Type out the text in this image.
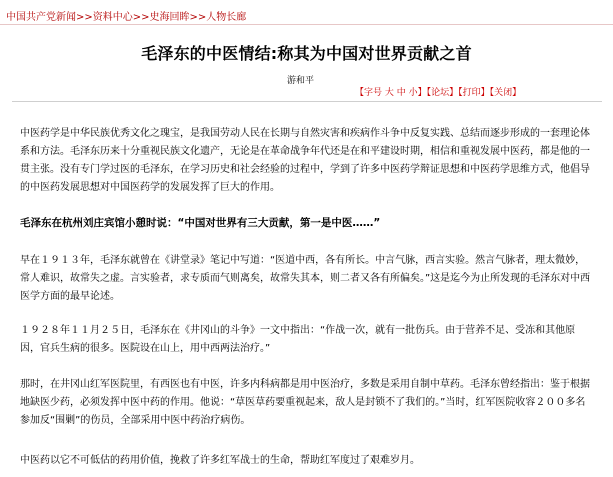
中国共产党新闻>>资料中心>>史海回眸>>人物长廊
毛泽东的中医情结:称其为中国对世界贡献之首
游和平
【字号 大 中 小】【论坛】【打印】【关闭】

中医药学是中华民族优秀文化之瑰宝，是我国劳动人民在长期与自然灾害和疾病作斗争中反复实践、总结而逐步形成的一套理论体系和方法。毛泽东历来十分重视民族文化遗产，无论是在革命战争年代还是在和平建设时期，相信和重视发展中医药，都是他的一贯主张。没有专门学过医的毛泽东，在学习历史和社会经验的过程中，学到了许多中医药学辩证思想和中医药学思维方式，他倡导的中医药发展思想对中国医药学的发展发挥了巨大的作用。

毛泽东在杭州刘庄宾馆小憩时说：“中国对世界有三大贡献，第一是中医……”

早在１９１３年，毛泽东就曾在《讲堂录》笔记中写道：“医道中西，各有所长。中言气脉，西言实验。然言气脉者，理太微妙，常人难识，故常失之虚。言实验者，求专质而气则离矣，故常失其本，则二者又各有所偏矣。”这是迄今为止所发现的毛泽东对中西医学方面的最早论述。

１９２８年１１月２５日，毛泽东在《井冈山的斗争》一文中指出：“作战一次，就有一批伤兵。由于营养不足、受冻和其他原因，官兵生病的很多。医院设在山上，用中西两法治疗。”

那时，在井冈山红军医院里，有西医也有中医，许多内科病都是用中医治疗，多数是采用自制中草药。毛泽东曾经指出：鉴于根据地缺医少药，必须发挥中医中药的作用。他说：“草医草药要重视起来，敌人是封锁不了我们的。”当时，红军医院收容２００多名参加反“围剿”的伤员，全部采用中医中药治疗病伤。

中医药以它不可低估的药用价值，挽救了许多红军战士的生命，帮助红军度过了艰难岁月。
